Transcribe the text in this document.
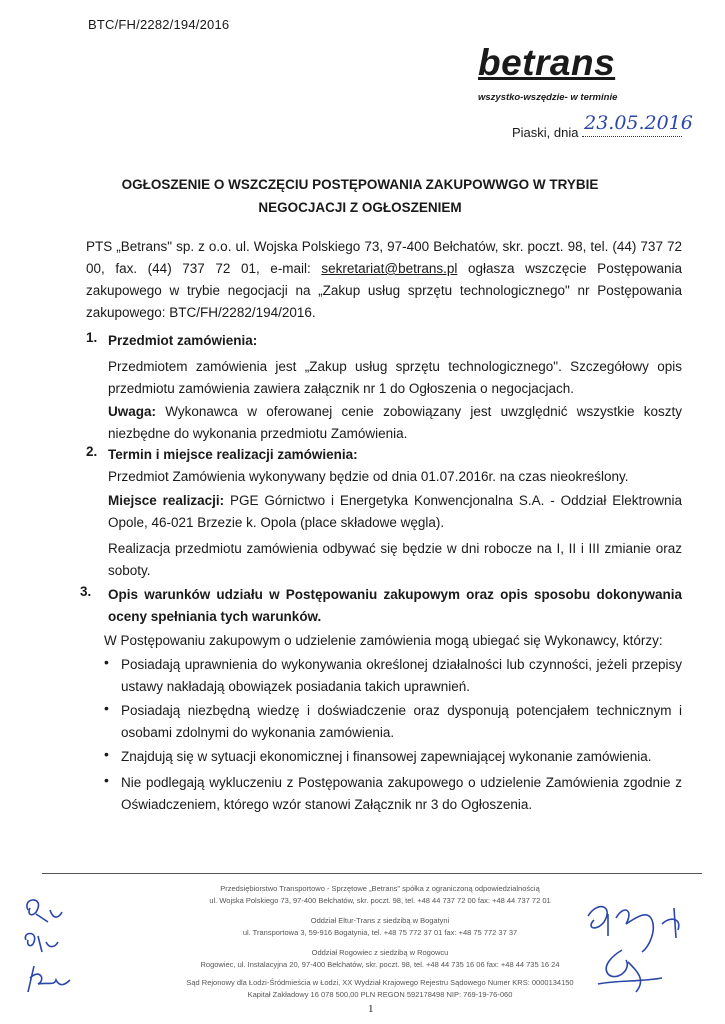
BTC/FH/2282/194/2016
betrans
wszystko-wszędzie- w terminie
Piaski, dnia 23.05.2016
OGŁOSZENIE O WSZCZĘCIU POSTĘPOWANIA ZAKUPOWWGO W TRYBIE
NEGOCJACJI Z OGŁOSZENIEM
PTS „Betrans" sp. z o.o. ul. Wojska Polskiego 73, 97-400 Bełchatów, skr. poczt. 98, tel. (44) 737 72 00, fax. (44) 737 72 01, e-mail: sekretariat@betrans.pl ogłasza wszczęcie Postępowania zakupowego w trybie negocjacji na „Zakup usług sprzętu technologicznego" nr Postępowania zakupowego: BTC/FH/2282/194/2016.
1. Przedmiot zamówienia:
Przedmiotem zamówienia jest „Zakup usług sprzętu technologicznego". Szczegółowy opis przedmiotu zamówienia zawiera załącznik nr 1 do Ogłoszenia o negocjacjach.
Uwaga: Wykonawca w oferowanej cenie zobowiązany jest uwzględnić wszystkie koszty niezbędne do wykonania przedmiotu Zamówienia.
2. Termin i miejsce realizacji zamówienia:
Przedmiot Zamówienia wykonywany będzie od dnia 01.07.2016r. na czas nieokreślony.
Miejsce realizacji: PGE Górnictwo i Energetyka Konwencjonalna S.A. - Oddział Elektrownia Opole, 46-021 Brzezie k. Opola (place składowe węgla).
Realizacja przedmiotu zamówienia odbywać się będzie w dni robocze na I, II i III zmianie oraz soboty.
3. Opis warunków udziału w Postępowaniu zakupowym oraz opis sposobu dokonywania oceny spełniania tych warunków.
W Postępowaniu zakupowym o udzielenie zamówienia mogą ubiegać się Wykonawcy, którzy:
• Posiadają uprawnienia do wykonywania określonej działalności lub czynności, jeżeli przepisy ustawy nakładają obowiązek posiadania takich uprawnień.
• Posiadają niezbędną wiedzę i doświadczenie oraz dysponują potencjałem technicznym i osobami zdolnymi do wykonania zamówienia.
• Znajdują się w sytuacji ekonomicznej i finansowej zapewniającej wykonanie zamówienia.
• Nie podlegają wykluczeniu z Postępowania zakupowego o udzielenie Zamówienia zgodnie z Oświadczeniem, którego wzór stanowi Załącznik nr 3 do Ogłoszenia.
Przedsiębiorstwo Transportowo - Sprzętowe „Betrans" spółka z ograniczoną odpowiedzialnością
ul. Wojska Polskiego 73, 97-400 Bełchatów, skr. poczt. 98, tel. +48 44 737 72 00 fax: +48 44 737 72 01
Oddział Eltur-Trans z siedzibą w Bogatyni
ul. Transportowa 3, 59-916 Bogatynia, tel. +48 75 772 37 01 fax: +48 75 772 37 37
Oddział Rogowiec z siedzibą w Rogowcu
Rogowiec, ul. Instalacyjna 20, 97-400 Bełchatów, skr. poczt. 98, tel. +48 44 735 16 06 fax: +48 44 735 16 24
Sąd Rejonowy dla Łodzi-Śródmieścia w Łodzi, XX Wydział Krajowego Rejestru Sądowego Numer KRS: 0000134150
Kapitał Zakładowy 16 078 500,00 PLN REGON 592178498 NIP: 769-19-76-060
1
